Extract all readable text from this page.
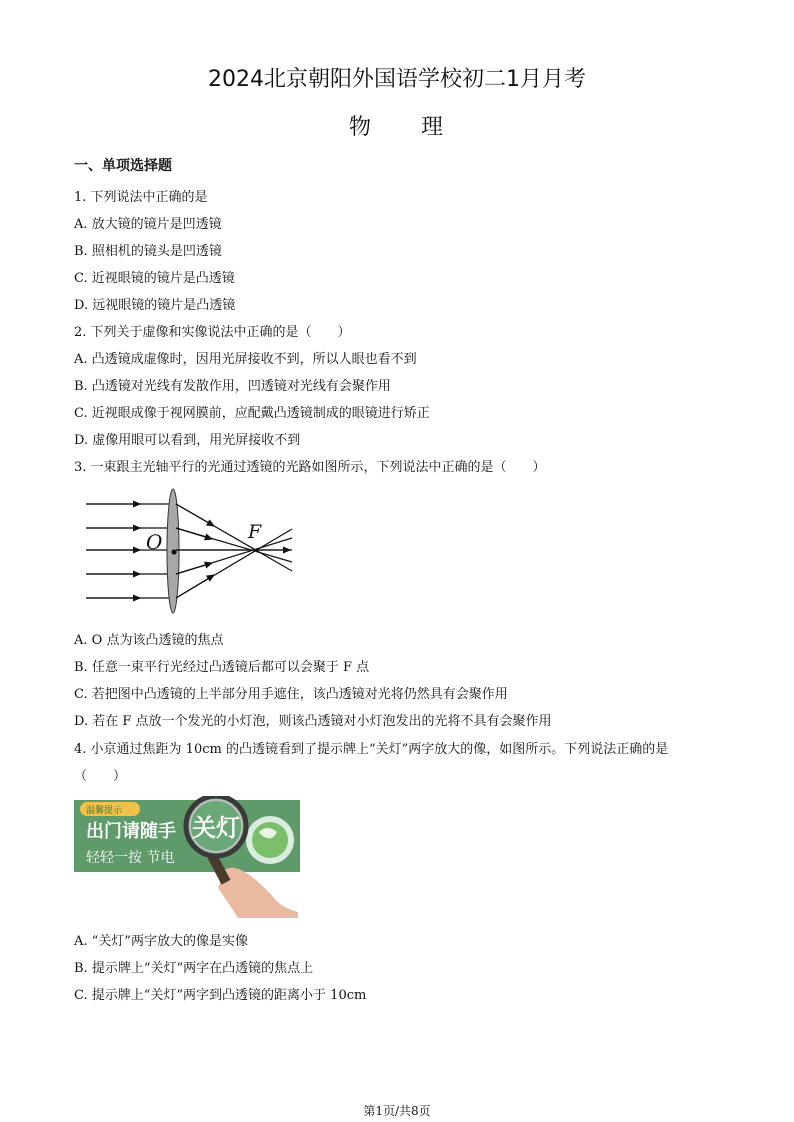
2024北京朝阳外国语学校初二1月月考
物　　理
一、单项选择题
1. 下列说法中正确的是
A. 放大镜的镜片是凹透镜
B. 照相机的镜头是凹透镜
C. 近视眼镜的镜片是凸透镜
D. 远视眼镜的镜片是凸透镜
2. 下列关于虚像和实像说法中正确的是（　　）
A. 凸透镜成虚像时，因用光屏接收不到，所以人眼也看不到
B. 凸透镜对光线有发散作用，凹透镜对光线有会聚作用
C. 近视眼成像于视网膜前，应配戴凸透镜制成的眼镜进行矫正
D. 虚像用眼可以看到，用光屏接收不到
3. 一束跟主光轴平行的光通过透镜的光路如图所示，下列说法中正确的是（　　）
O	F
A. O 点为该凸透镜的焦点
B. 任意一束平行光经过凸透镜后都可以会聚于 F 点
C. 若把图中凸透镜的上半部分用手遮住，该凸透镜对光将仍然具有会聚作用
D. 若在 F 点放一个发光的小灯泡，则该凸透镜对小灯泡发出的光将不具有会聚作用
4. 小京通过焦距为 10cm 的凸透镜看到了提示牌上“关灯”两字放大的像，如图所示。下列说法正确的是
（　　）
温馨提示
出门请随手
轻轻一按 节电
关灯
A. “关灯”两字放大的像是实像
B. 提示牌上“关灯”两字在凸透镜的焦点上
C. 提示牌上“关灯”两字到凸透镜的距离小于 10cm
第1页/共8页
